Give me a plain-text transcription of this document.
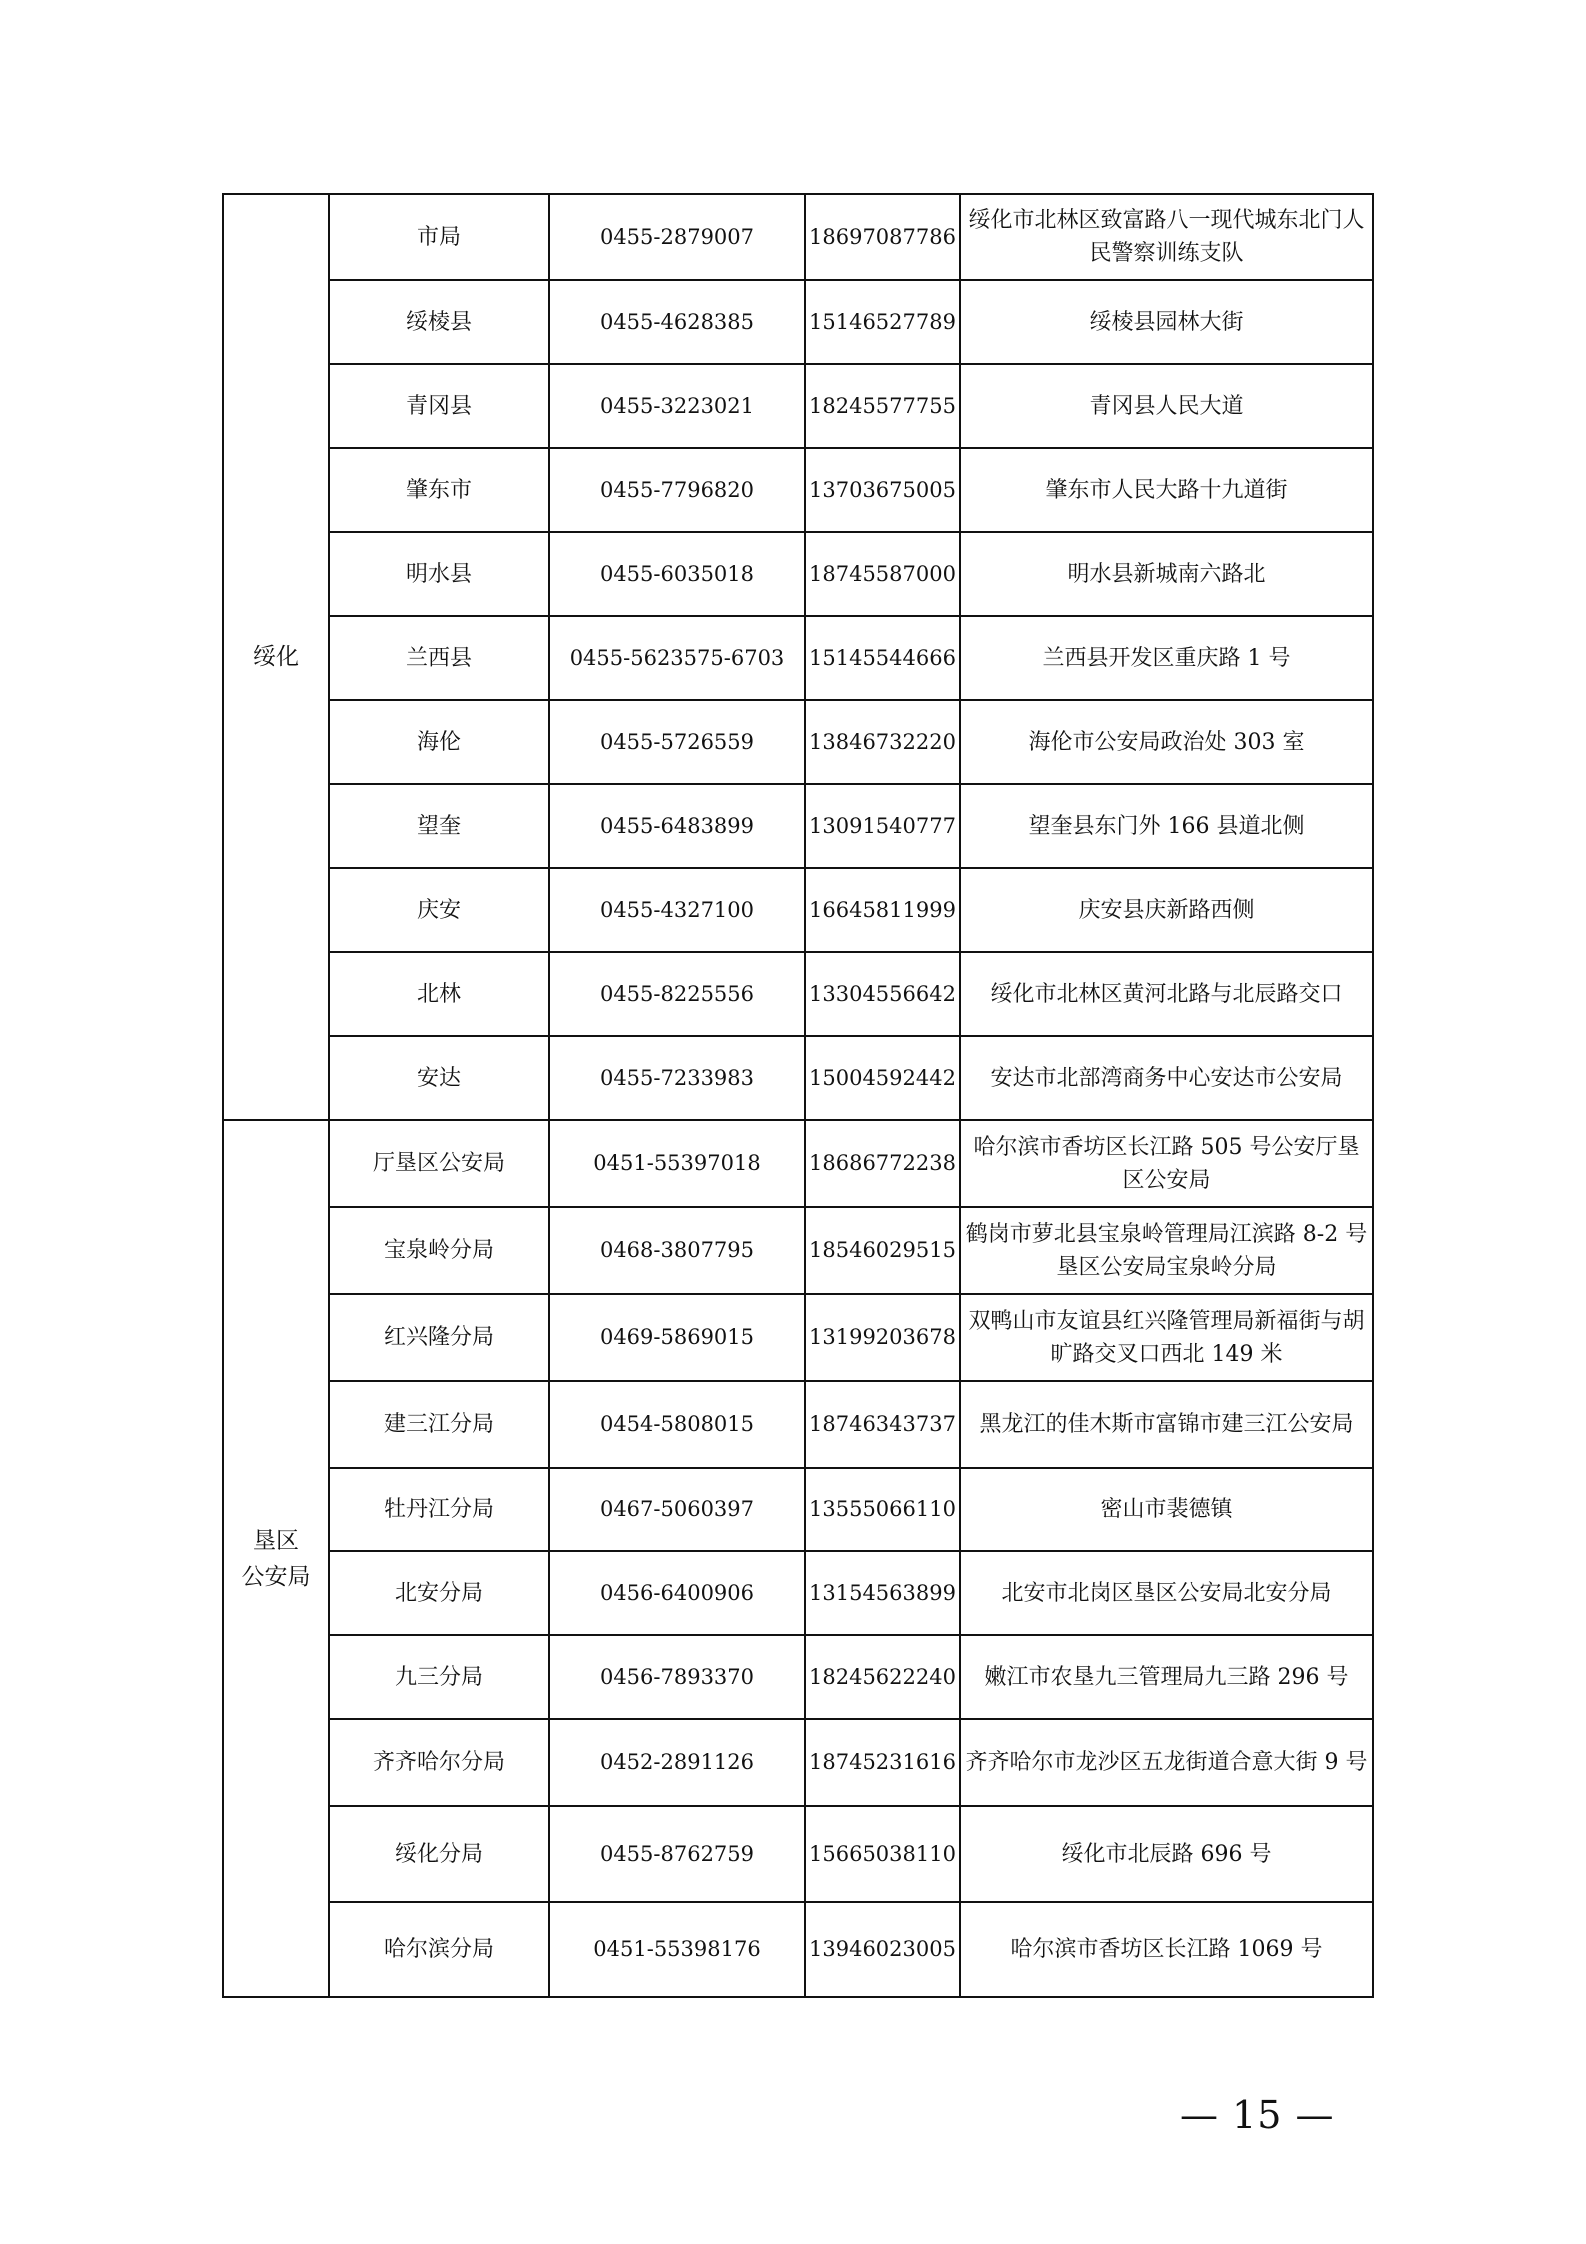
绥化	市局	0455-2879007	18697087786	绥化市北林区致富路八一现代城东北门人民警察训练支队
	绥棱县	0455-4628385	15146527789	绥棱县园林大街
	青冈县	0455-3223021	18245577755	青冈县人民大道
	肇东市	0455-7796820	13703675005	肇东市人民大路十九道街
	明水县	0455-6035018	18745587000	明水县新城南六路北
	兰西县	0455-5623575-6703	15145544666	兰西县开发区重庆路 1 号
	海伦	0455-5726559	13846732220	海伦市公安局政治处 303 室
	望奎	0455-6483899	13091540777	望奎县东门外 166 县道北侧
	庆安	0455-4327100	16645811999	庆安县庆新路西侧
	北林	0455-8225556	13304556642	绥化市北林区黄河北路与北辰路交口
	安达	0455-7233983	15004592442	安达市北部湾商务中心安达市公安局

垦区
公安局	厅垦区公安局	0451-55397018	18686772238	哈尔滨市香坊区长江路 505 号公安厅垦区公安局
	宝泉岭分局	0468-3807795	18546029515	鹤岗市萝北县宝泉岭管理局江滨路 8-2 号垦区公安局宝泉岭分局
	红兴隆分局	0469-5869015	13199203678	双鸭山市友谊县红兴隆管理局新福街与胡旷路交叉口西北 149 米
	建三江分局	0454-5808015	18746343737	黑龙江的佳木斯市富锦市建三江公安局
	牡丹江分局	0467-5060397	13555066110	密山市裴德镇
	北安分局	0456-6400906	13154563899	北安市北岗区垦区公安局北安分局
	九三分局	0456-7893370	18245622240	嫩江市农垦九三管理局九三路 296 号
	齐齐哈尔分局	0452-2891126	18745231616	齐齐哈尔市龙沙区五龙街道合意大街 9 号
	绥化分局	0455-8762759	15665038110	绥化市北辰路 696 号
	哈尔滨分局	0451-55398176	13946023005	哈尔滨市香坊区长江路 1069 号
— 15 —
